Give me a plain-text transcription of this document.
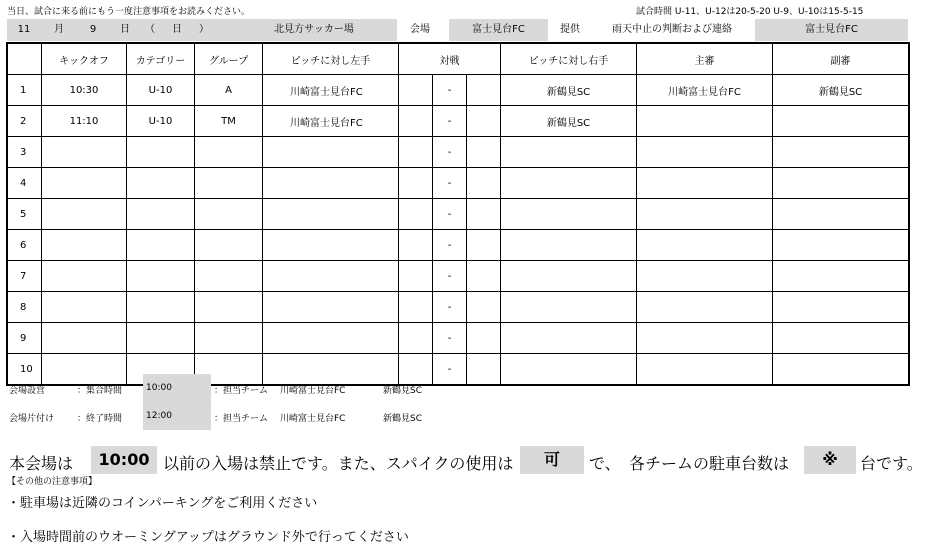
当日、試合に来る前にもう一度注意事項をお読みください。	試合時間 U-11、U-12は20-5-20 U-9、U-10は15-5-15
11	月	9	日 （ 日 ）	北見方サッカー場	会場	富士見台FC	提供	雨天中止の判断および連絡	富士見台FC
	キックオフ	カテゴリー	グループ	ピッチに対し左手	対戦			ピッチに対し右手	主審	副審
1	10:30	U-10	A	川崎富士見台FC		-		新鶴見SC	川崎富士見台FC	新鶴見SC
2	11:10	U-10	TM	川崎富士見台FC		-		新鶴見SC		
3						-				
4						-				
5						-				
6						-				
7						-				
8						-				
9						-				
10						-				
会場設営	：集合時間	10:00	：担当チーム 川崎富士見台FC	新鶴見SC
会場片付け	：終了時間	12:00	：担当チーム 川崎富士見台FC	新鶴見SC
本会場は	10:00 以前の入場は禁止です。また、スパイクの使用は	可	で、 各チームの駐車台数は	※	台です。
【その他の注意事項】
・駐車場は近隣のコインパーキングをご利用ください
・入場時間前のウオーミングアップはグラウンド外で行ってください
